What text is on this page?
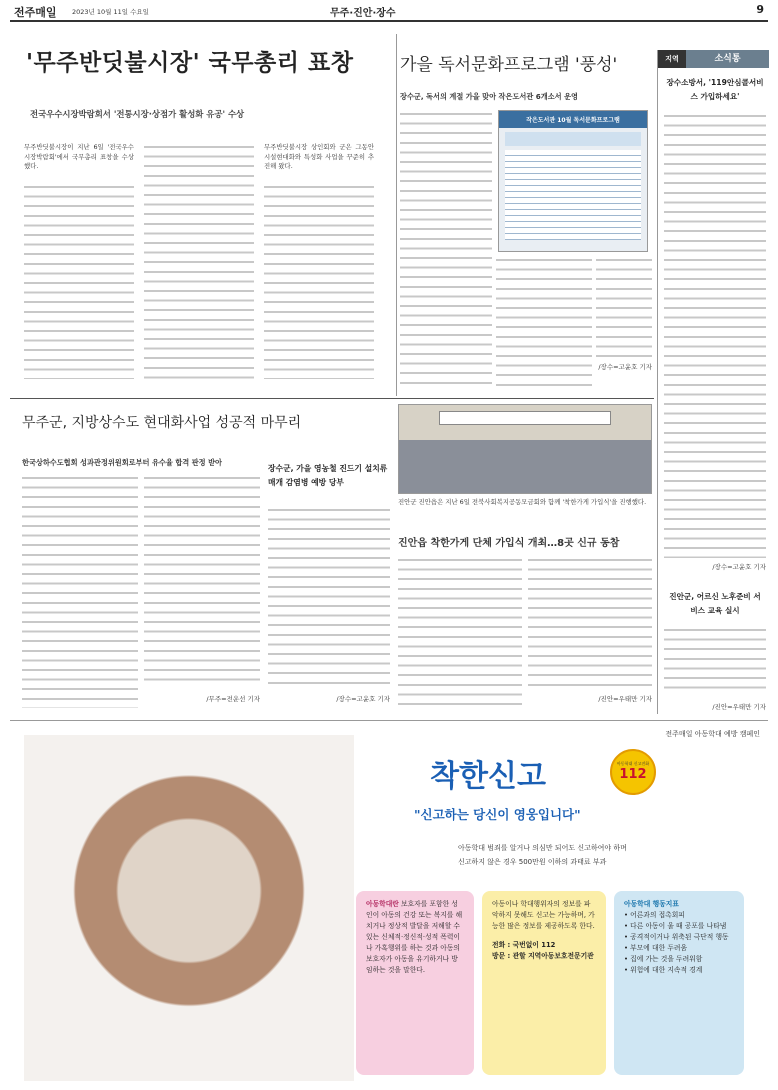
전주매일 2023년 10월 11일 수요일	무주·진안·장수	9
'무주반딧불시장' 국무총리 표창
전국우수시장박람회서 '전통시장·상점가 활성화 유공' 수상
무주반딧불시장이 지난 6일 '전국우수시장박람회'에서 국무총리 표창을 수상했다.
무주반딧불시장 상인회와 군은 그동안 시설현대화와 특성화 사업을 꾸준히 추진해 왔다.
가을 독서문화프로그램 '풍성'
장수군, 독서의 계절 가을 맞아 작은도서관 6개소서 운영
작은도서관 10월 독서문화프로그램
/장수=고윤호 기자
지역	소식통
장수소방서, '119안심콜서비스 가입하세요'
/장수=고윤호 기자
진안군, 어르신 노후준비 서비스 교육 실시
/진안=우태만 기자
무주군, 지방상수도 현대화사업 성공적 마무리
한국상하수도협회 성과관정위원회로부터 유수율 합격 판정 받아
/무주=전운선 기자
장수군, 가을 영농철 진드기 설치류 매개 감염병 예방 당부
/장수=고윤호 기자
진안군 진안읍은 지난 6일 전북사회복지공동모금회와 함께 '착한가게 가입식'을 진행했다.
진안읍 착한가게 단체 가입식 개최…8곳 신규 동참
/진안=우태만 기자
전주매일 아동학대 예방 캠페인
착한신고	아동학대 신고전화
112
"신고하는 당신이 영웅입니다"
아동학대 범죄를 알거나 의심만 되어도 신고하여야 하며
신고하지 않은 경우 500만원 이하의 과태료 부과
아동학대란 보호자를 포함한 성인이 아동의 건강 또는 복지를 해치거나 정상적 발달을 저해할 수 있는 신체적·정신적·성적 폭력이나 가혹행위를 하는 것과 아동의 보호자가 아동을 유기하거나 방임하는 것을 말한다.
아동이나 학대행위자의 정보를 파악하지 못해도 신고는 가능하며, 가능한 많은 정보를 제공하도록 한다.
전화 : 국번없이 112
방문 : 관할 지역아동보호전문기관
아동학대 행동지표
• 어른과의 접촉회피
• 다른 아동이 울 때 공포를 나타냄
• 공격적이거나 위축된 극단적 행동
• 부모에 대한 두려움
• 집에 가는 것을 두려워함
• 위험에 대한 지속적 경계
